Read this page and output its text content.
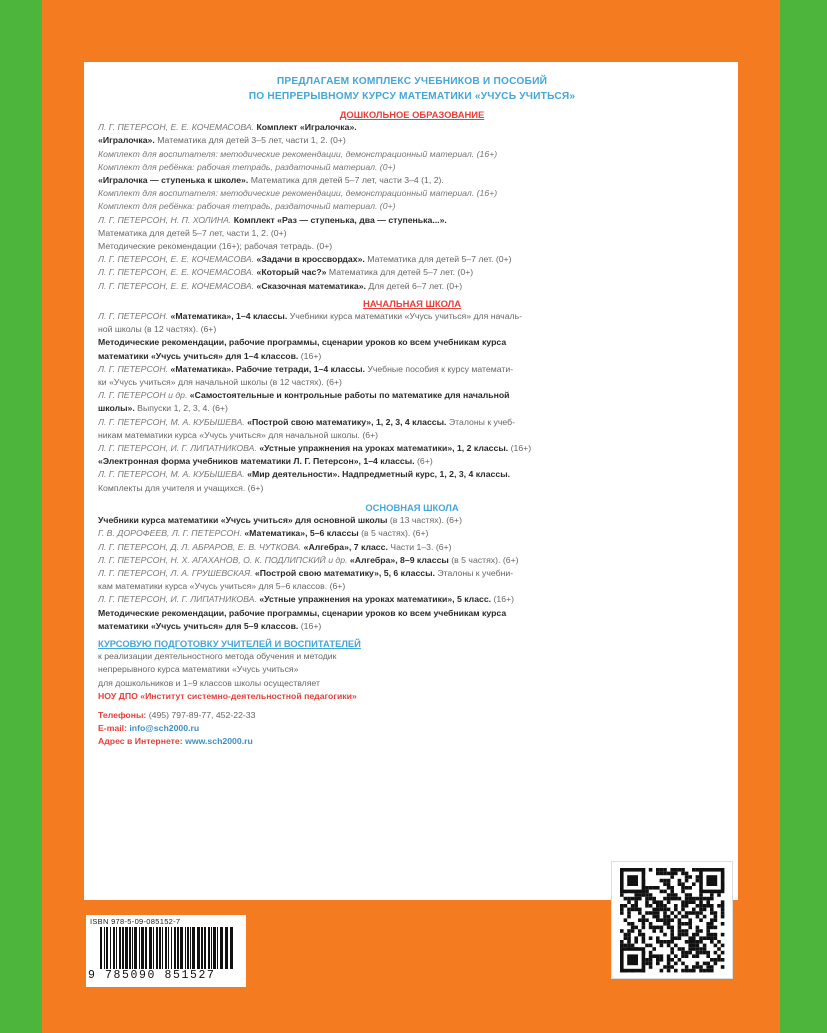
ПРЕДЛАГАЕМ КОМПЛЕКС УЧЕБНИКОВ И ПОСОБИЙ
ПО НЕПРЕРЫВНОМУ КУРСУ МАТЕМАТИКИ «УЧУСЬ УЧИТЬСЯ»
ДОШКОЛЬНОЕ ОБРАЗОВАНИЕ

Л. Г. ПЕТЕРСОН, Е. Е. КОЧЕМАСОВА. Комплект «Игралочка».

«Игралочка». Математика для детей 3–5 лет, части 1, 2. (0+)

Комплект для воспитателя: методические рекомендации, демонстрационный материал. (16+)

Комплект для ребёнка: рабочая тетрадь, раздаточный материал. (0+)

«Игралочка — ступенька к школе». Математика для детей 5–7 лет, части 3–4 (1, 2).

Комплект для воспитателя: методические рекомендации, демонстрационный материал. (16+)

Комплект для ребёнка: рабочая тетрадь, раздаточный материал. (0+)

Л. Г. ПЕТЕРСОН, Н. П. ХОЛИНА. Комплект «Раз — ступенька, два — ступенька...».

Математика для детей 5–7 лет, части 1, 2. (0+)

Методические рекомендации (16+); рабочая тетрадь. (0+)

Л. Г. ПЕТЕРСОН, Е. Е. КОЧЕМАСОВА. «Задачи в кроссвордах». Математика для детей 5–7 лет. (0+)

Л. Г. ПЕТЕРСОН, Е. Е. КОЧЕМАСОВА. «Который час?» Математика для детей 5–7 лет. (0+)

Л. Г. ПЕТЕРСОН, Е. Е. КОЧЕМАСОВА. «Сказочная математика». Для детей 6–7 лет. (0+)

НАЧАЛЬНАЯ ШКОЛА

Л. Г. ПЕТЕРСОН. «Математика», 1–4 классы. Учебники курса математики «Учусь учиться» для началь-

ной школы (в 12 частях). (6+)

Методические рекомендации, рабочие программы, сценарии уроков ко всем учебникам курса

математики «Учусь учиться» для 1–4 классов. (16+)

Л. Г. ПЕТЕРСОН. «Математика». Рабочие тетради, 1–4 классы. Учебные пособия к курсу математи-

ки «Учусь учиться» для начальной школы (в 12 частях). (6+)

Л. Г. ПЕТЕРСОН и др. «Самостоятельные и контрольные работы по математике для начальной

школы». Выпуски 1, 2, 3, 4. (6+)

Л. Г. ПЕТЕРСОН, М. А. КУБЫШЕВА. «Построй свою математику», 1, 2, 3, 4 классы. Эталоны к учеб-

никам математики курса «Учусь учиться» для начальной школы. (6+)

Л. Г. ПЕТЕРСОН, И. Г. ЛИПАТНИКОВА. «Устные упражнения на уроках математики», 1, 2 классы. (16+)

«Электронная форма учебников математики Л. Г. Петерсон», 1–4 классы. (6+)

Л. Г. ПЕТЕРСОН, М. А. КУБЫШЕВА. «Мир деятельности». Надпредметный курс, 1, 2, 3, 4 классы.

Комплекты для учителя и учащихся. (6+)

ОСНОВНАЯ ШКОЛА

Учебники курса математики «Учусь учиться» для основной школы (в 13 частях). (6+)

Г. В. ДОРОФЕЕВ, Л. Г. ПЕТЕРСОН. «Математика», 5–6 классы (в 5 частях). (6+)

Л. Г. ПЕТЕРСОН, Д. Л. АБРАРОВ, Е. В. ЧУТКОВА. «Алгебра», 7 класс. Части 1–3. (6+)

Л. Г. ПЕТЕРСОН, Н. Х. АГАХАНОВ, О. К. ПОДЛИПСКИЙ и др. «Алгебра», 8–9 классы (в 5 частях). (6+)

Л. Г. ПЕТЕРСОН, Л. А. ГРУШЕВСКАЯ. «Построй свою математику», 5, 6 классы. Эталоны к учебни-

кам математики курса «Учусь учиться» для 5–6 классов. (6+)

Л. Г. ПЕТЕРСОН, И. Г. ЛИПАТНИКОВА. «Устные упражнения на уроках математики», 5 класс. (16+)

Методические рекомендации, рабочие программы, сценарии уроков ко всем учебникам курса

математики «Учусь учиться» для 5–9 классов. (16+)

КУРСОВУЮ ПОДГОТОВКУ УЧИТЕЛЕЙ И ВОСПИТАТЕЛЕЙ

к реализации деятельностного метода обучения и методик

непрерывного курса математики «Учусь учиться»

для дошкольников и 1–9 классов школы осуществляет

НОУ ДПО «Институт системно-деятельностной педагогики»

Телефоны: (495) 797-89-77, 452-22-33

E-mail: info@sch2000.ru

Адрес в Интернете: www.sch2000.ru

ISBN 978-5-09-085152-7
9 785090 851527
